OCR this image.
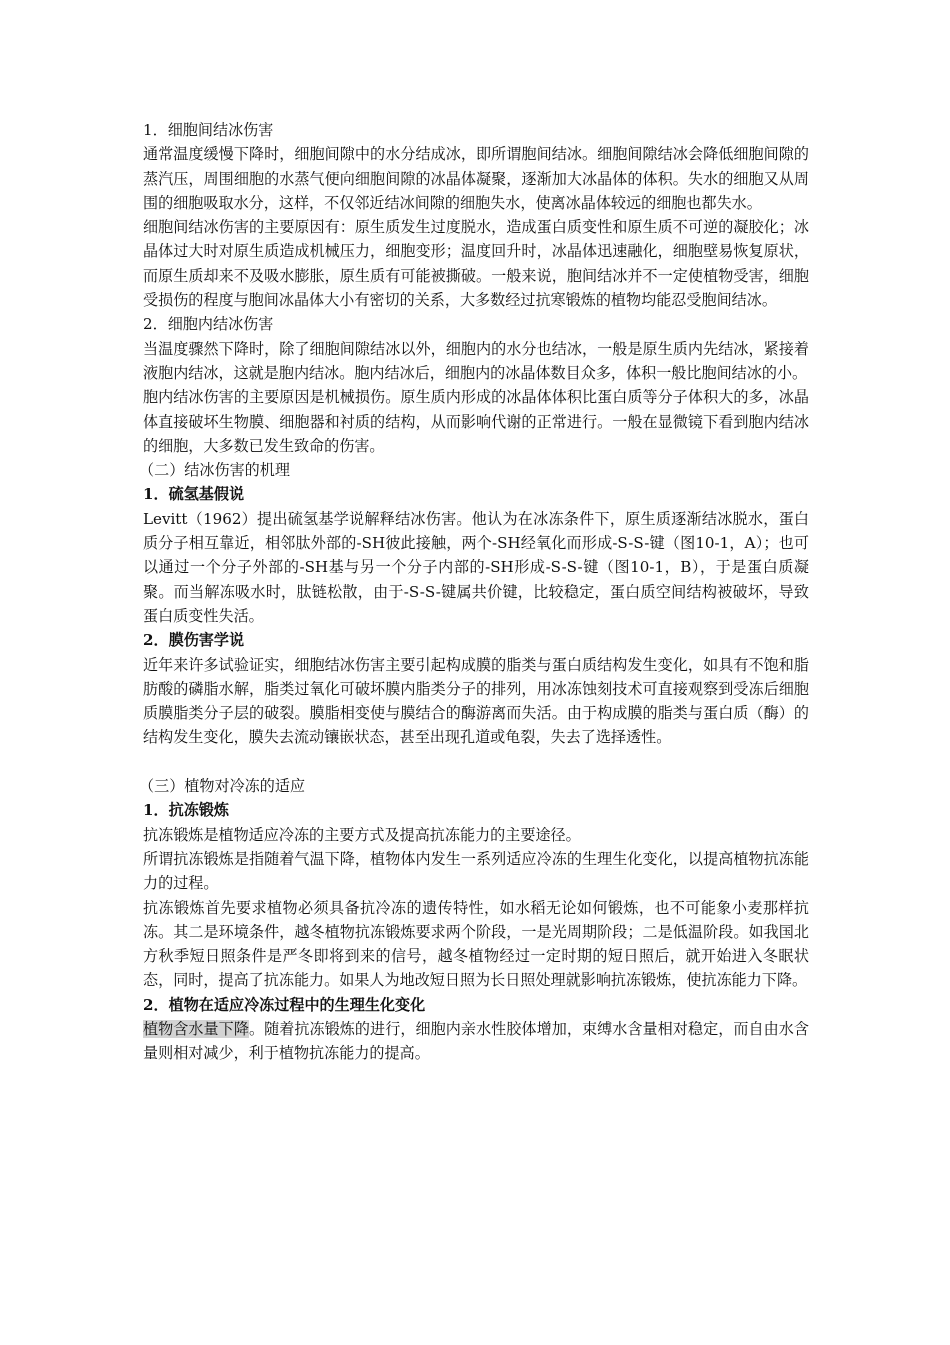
1．细胞间结冰伤害

通常温度缓慢下降时，细胞间隙中的水分结成冰，即所谓胞间结冰。细胞间隙结冰会降低细胞间隙的蒸汽压，周围细胞的水蒸气便向细胞间隙的冰晶体凝聚，逐渐加大冰晶体的体积。失水的细胞又从周围的细胞吸取水分，这样，不仅邻近结冰间隙的细胞失水，使离冰晶体较远的细胞也都失水。

细胞间结冰伤害的主要原因有：原生质发生过度脱水，造成蛋白质变性和原生质不可逆的凝胶化；冰晶体过大时对原生质造成机械压力，细胞变形；温度回升时，冰晶体迅速融化，细胞壁易恢复原状，而原生质却来不及吸水膨胀，原生质有可能被撕破。一般来说，胞间结冰并不一定使植物受害，细胞受损伤的程度与胞间冰晶体大小有密切的关系，大多数经过抗寒锻炼的植物均能忍受胞间结冰。

2．细胞内结冰伤害

当温度骤然下降时，除了细胞间隙结冰以外，细胞内的水分也结冰，一般是原生质内先结冰，紧接着液胞内结冰，这就是胞内结冰。胞内结冰后，细胞内的冰晶体数目众多，体积一般比胞间结冰的小。

胞内结冰伤害的主要原因是机械损伤。原生质内形成的冰晶体体积比蛋白质等分子体积大的多，冰晶体直接破坏生物膜、细胞器和衬质的结构，从而影响代谢的正常进行。一般在显微镜下看到胞内结冰的细胞，大多数已发生致命的伤害。

（二）结冰伤害的机理

1．硫氢基假说

Levitt（1962）提出硫氢基学说解释结冰伤害。他认为在冰冻条件下，原生质逐渐结冰脱水，蛋白质分子相互靠近，相邻肽外部的-SH彼此接触，两个-SH经氧化而形成-S-S-键（图10-1，A）；也可以通过一个分子外部的-SH基与另一个分子内部的-SH形成-S-S-键（图10-1，B），于是蛋白质凝聚。而当解冻吸水时，肽链松散，由于-S-S-键属共价键，比较稳定，蛋白质空间结构被破坏，导致蛋白质变性失活。

2．膜伤害学说

近年来许多试验证实，细胞结冰伤害主要引起构成膜的脂类与蛋白质结构发生变化，如具有不饱和脂肪酸的磷脂水解，脂类过氧化可破坏膜内脂类分子的排列，用冰冻蚀刻技术可直接观察到受冻后细胞质膜脂类分子层的破裂。膜脂相变使与膜结合的酶游离而失活。由于构成膜的脂类与蛋白质（酶）的结构发生变化，膜失去流动镶嵌状态，甚至出现孔道或龟裂，失去了选择透性。

（三）植物对冷冻的适应

1．抗冻锻炼

抗冻锻炼是植物适应冷冻的主要方式及提高抗冻能力的主要途径。

所谓抗冻锻炼是指随着气温下降，植物体内发生一系列适应冷冻的生理生化变化，以提高植物抗冻能力的过程。

抗冻锻炼首先要求植物必须具备抗冷冻的遗传特性，如水稻无论如何锻炼，也不可能象小麦那样抗冻。其二是环境条件，越冬植物抗冻锻炼要求两个阶段，一是光周期阶段；二是低温阶段。如我国北方秋季短日照条件是严冬即将到来的信号，越冬植物经过一定时期的短日照后，就开始进入冬眠状态，同时，提高了抗冻能力。如果人为地改短日照为长日照处理就影响抗冻锻炼，使抗冻能力下降。

2．植物在适应冷冻过程中的生理生化变化

植物含水量下降。随着抗冻锻炼的进行，细胞内亲水性胶体增加，束缚水含量相对稳定，而自由水含量则相对减少，利于植物抗冻能力的提高。
